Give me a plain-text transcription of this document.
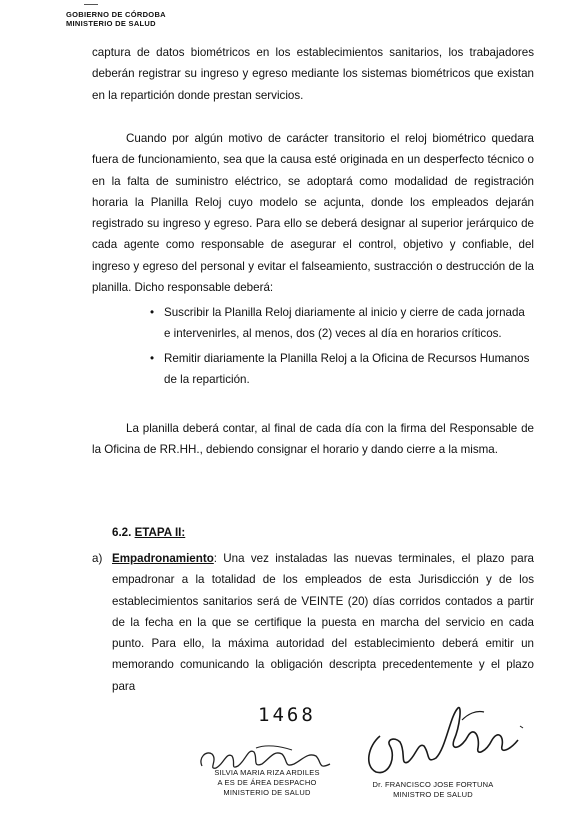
GOBIERNO DE CÓRDOBA
MINISTERIO DE SALUD
captura de datos biométricos en los establecimientos sanitarios, los trabajadores deberán registrar su ingreso y egreso mediante los sistemas biométricos que existan en la repartición donde prestan servicios.
Cuando por algún motivo de carácter transitorio el reloj biométrico quedara fuera de funcionamiento, sea que la causa esté originada en un desperfecto técnico o en la falta de suministro eléctrico, se adoptará como modalidad de registración horaria la Planilla Reloj cuyo modelo se acjunta, donde los empleados dejarán registrado su ingreso y egreso. Para ello se deberá designar al superior jerárquico de cada agente como responsable de asegurar el control, objetivo y confiable, del ingreso y egreso del personal y evitar el falseamiento, sustracción o destrucción de la planilla. Dicho responsable deberá:
• Suscribir la Planilla Reloj diariamente al inicio y cierre de cada jornada e intervenirles, al menos, dos (2) veces al día en horarios críticos.
• Remitir diariamente la Planilla Reloj a la Oficina de Recursos Humanos de la repartición.
La planilla deberá contar, al final de cada día con la firma del Responsable de la Oficina de RR.HH., debiendo consignar el horario y dando cierre a la misma.
6.2. ETAPA II:
a) Empadronamiento: Una vez instaladas las nuevas terminales, el plazo para empadronar a la totalidad de los empleados de esta Jurisdicción y de los establecimientos sanitarios será de VEINTE (20) días corridos contados a partir de la fecha en la que se certifique la puesta en marcha del servicio en cada punto. Para ello, la máxima autoridad del establecimiento deberá emitir un memorando comunicando la obligación descripta precedentemente y el plazo para
1468
SILVIA MARIA RIZA ARDILES
A ES DE ÁREA DESPACHO
MINISTERIO DE SALUD
Dr. FRANCISCO JOSE FORTUNA
MINISTRO DE SALUD
